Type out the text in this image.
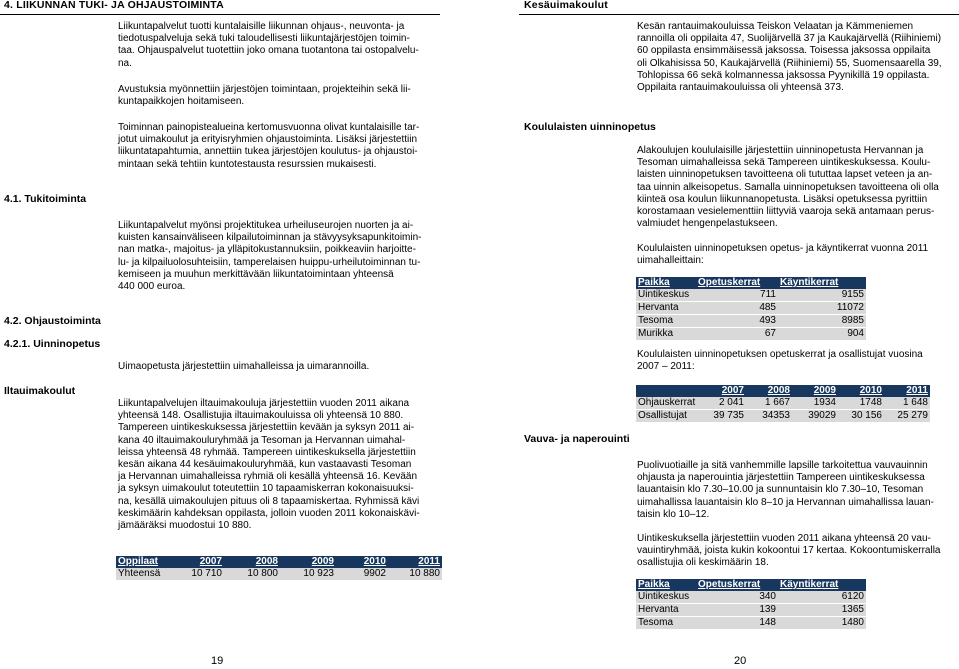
4. LIIKUNNAN TUKI- JA OHJAUSTOIMINTA

Liikuntapalvelut tuotti kuntalaisille liikunnan ohjaus-, neuvonta- ja
tiedotuspalveluja sekä tuki taloudellisesti liikuntajärjestöjen toimin-
taa. Ohjauspalvelut tuotettiin joko omana tuotantona tai ostopalvelu-
na.

Avustuksia myönnettiin järjestöjen toimintaan, projekteihin sekä lii-
kuntapaikkojen hoitamiseen.

Toiminnan painopistealueina kertomusvuonna olivat kuntalaisille tar-
jotut uimakoulut ja erityisryhmien ohjaustoiminta. Lisäksi järjestettiin
liikuntatapahtumia, annettiin tukea järjestöjen koulutus- ja ohjaustoi-
mintaan sekä tehtiin kuntotestausta resurssien mukaisesti.

4.1. Tukitoiminta

Liikuntapalvelut myönsi projektitukea urheiluseurojen nuorten ja ai-
kuisten kansainväliseen kilpailutoiminnan ja stävyysyksapunkitoimin-
nan matka-, majoitus- ja ylläpitokustannuksiin, poikkeaviin harjoitte-
lu- ja kilpailuolosuhteisiin, tamperelaisen huippu-urheilutoiminnan tu-
kemiseen ja muuhun merkittävään liikuntatoimintaan yhteensä
440 000 euroa.

4.2. Ohjaustoiminta
4.2.1. Uinninopetus

Uimaopetusta järjestettiin uimahalleissa ja uimarannoilla.

Iltauimakoulut

Liikuntapalvelujen iltauimakouluja järjestettiin vuoden 2011 aikana
yhteensä 148. Osallistujia iltauimakouluissa oli yhteensä 10 880.
Tampereen uintikeskuksessa järjestettiin kevään ja syksyn 2011 ai-
kana 40 iltauimakouluryhmää ja Tesoman ja Hervannan uimahal-
leissa yhteensä 48 ryhmää. Tampereen uintikeskuksella järjestettiin
kesän aikana 44 kesäuimakouluryhmää, kun vastaavasti Tesoman
ja Hervannan uimahalleissa ryhmiä oli kesällä yhteensä 16. Kevään
ja syksyn uimakoulut toteutettiin 10 tapaamiskerran kokonaisuuksi-
na, kesällä uimakoulujen pituus oli 8 tapaamiskertaa. Ryhmissä kävi
keskimäärin kahdeksan oppilasta, jolloin vuoden 2011 kokonaiskävi-
jämääräksi muodostui 10 880.

Oppilaat	2007	2008	2009	2010	2011
Yhteensä	10 710	10 800	10 923	9902	10 880
19
Kesäuimakoulut

Kesän rantauimakouluissa Teiskon Velaatan ja Kämmeniemen
rannoilla oli oppilaita 47, Suolijärvellä 37 ja Kaukajärvellä (Riihiniemi)
60 oppilasta ensimmäisessä jaksossa. Toisessa jaksossa oppilaita
oli Olkahisissa 50, Kaukajärvellä (Riihiniemi) 55, Suomensaarella 39,
Tohlopissa 66 sekä kolmannessa jaksossa Pyynikillä 19 oppilasta.
Oppilaita rantauimakouluissa oli yhteensä 373.

Koululaisten uinninopetus

Alakoulujen koululaisille järjestettiin uinninopetusta Hervannan ja
Tesoman uimahalleissa sekä Tampereen uintikeskuksessa. Koulu-
laisten uinninopetuksen tavoitteena oli tututtaa lapset veteen ja an-
taa uinnin alkeisopetus. Samalla uinninopetuksen tavoitteena oli olla
kiinteä osa koulun liikunnanopetusta. Lisäksi opetuksessa pyrittiin
korostamaan vesielementtiin liittyviä vaaroja sekä antamaan perus-
valmiudet hengenpelastukseen.

Koululaisten uinninopetuksen opetus- ja käyntikerrat vuonna 2011
uimahalleittain:

Paikka	Opetuskerrat	Käyntikerrat
Uintikeskus	711	9155
Hervanta	485	11072
Tesoma	493	8985
Murikka	67	904

Koululaisten uinninopetuksen opetuskerrat ja osallistujat vuosina
2007 – 2011:

	2007	2008	2009	2010	2011
Ohjauskerrat	2 041	1 667	1934	1748	1 648
Osallistujat	39 735	34353	39029	30 156	25 279
Vauva- ja naperouinti

Puolivuotiaille ja sitä vanhemmille lapsille tarkoitettua vauvauinnin
ohjausta ja naperouintia järjestettiin Tampereen uintikeskuksessa
lauantaisin klo 7.30–10.00 ja sunnuntaisin klo 7.30–10, Tesoman
uimahallissa lauantaisin klo 8–10 ja Hervannan uimahallissa lauan-
taisin klo 10–12.

Uintikeskuksella järjestettiin vuoden 2011 aikana yhteensä 20 vau-
vauintiryhmää, joista kukin kokoontui 17 kertaa. Kokoontumiskerralla
osallistujia oli keskimäärin 18.

Paikka	Opetuskerrat	Käyntikerrat
Uintikeskus	340	6120
Hervanta	139	1365
Tesoma	148	1480
20
